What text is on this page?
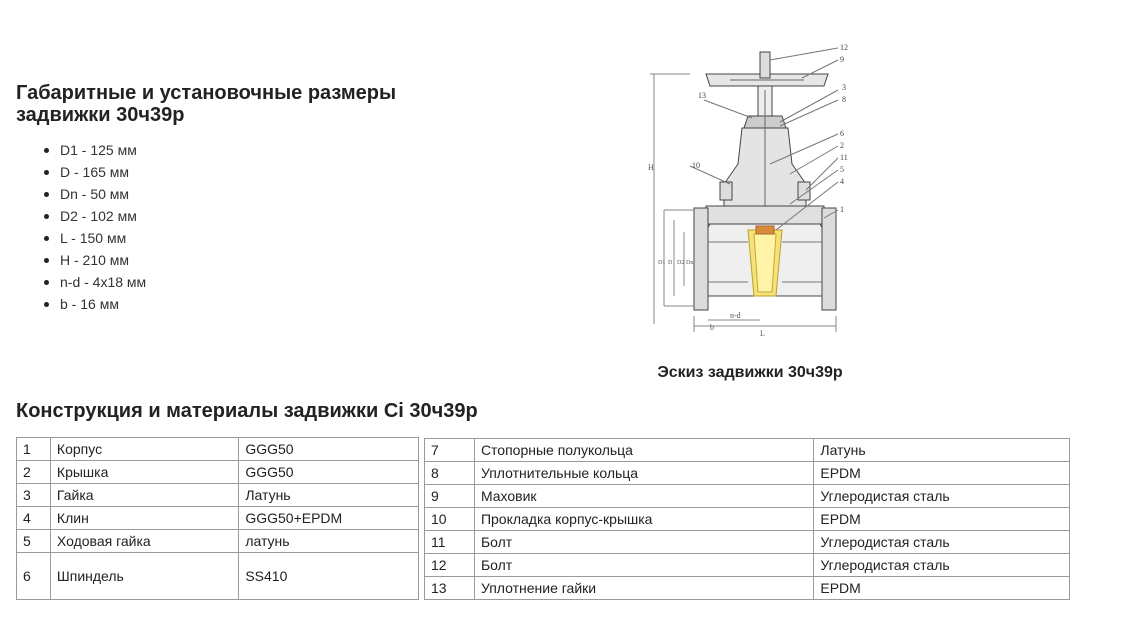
Габаритные и установочные размеры задвижки 30ч39р
D1 - 125 мм
D - 165 мм
Dn - 50 мм
D2 - 102 мм
L - 150 мм
H - 210 мм
n-d - 4х18 мм
b - 16 мм
n-d
L
b
H
D1 D D2 Dn
12
9
3
8
13
6
2
10
11
5
4
1
Эскиз задвижки 30ч39р
Конструкция и материалы задвижки Ci 30ч39р
1	Корпус	GGG50
2	Крышка	GGG50
3	Гайка	Латунь
4	Клин	GGG50+EPDM
5	Ходовая гайка	латунь
6	Шпиндель	SS410
7	Стопорные полукольца	Латунь
8	Уплотнительные кольца	EPDM
9	Маховик	Углеродистая сталь
10	Прокладка корпус-крышка	EPDM
11	Болт	Углеродистая сталь
12	Болт	Углеродистая сталь
13	Уплотнение гайки	EPDM
